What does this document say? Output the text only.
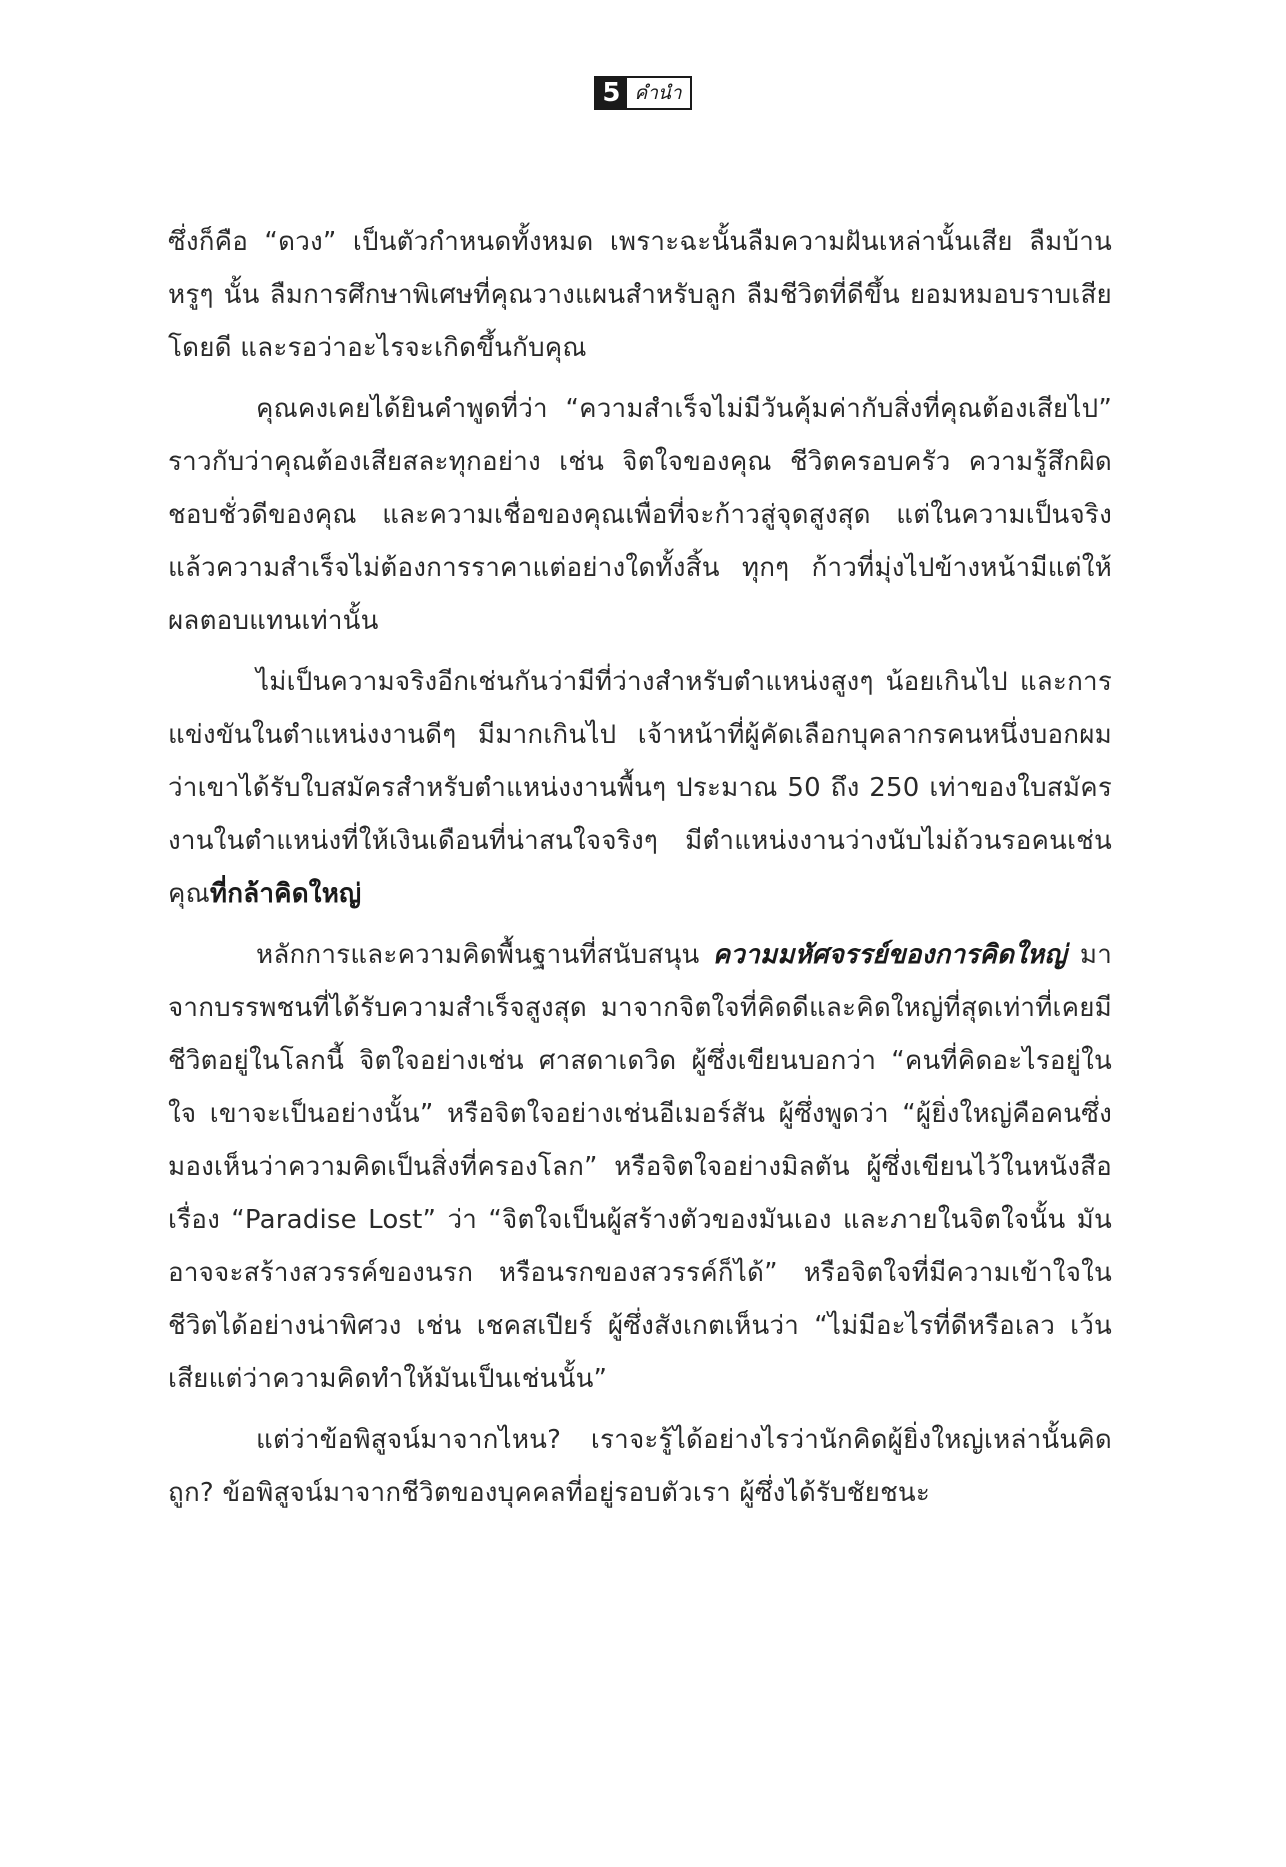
5 คำนำ

ซึ่งก็คือ “ดวง” เป็นตัวกำหนดทั้งหมด เพราะฉะนั้นลืมความฝันเหล่านั้นเสีย ลืมบ้านหรูๆ นั้น ลืมการศึกษาพิเศษที่คุณวางแผนสำหรับลูก ลืมชีวิตที่ดีขึ้น ยอมหมอบราบเสียโดยดี และรอว่าอะไรจะเกิดขึ้นกับคุณ

คุณคงเคยได้ยินคำพูดที่ว่า “ความสำเร็จไม่มีวันคุ้มค่ากับสิ่งที่คุณต้องเสียไป” ราวกับว่าคุณต้องเสียสละทุกอย่าง เช่น จิตใจของคุณ ชีวิตครอบครัว ความรู้สึกผิดชอบชั่วดีของคุณ และความเชื่อของคุณเพื่อที่จะก้าวสู่จุดสูงสุด แต่ในความเป็นจริงแล้วความสำเร็จไม่ต้องการราคาแต่อย่างใดทั้งสิ้น ทุกๆ ก้าวที่มุ่งไปข้างหน้ามีแต่ให้ผลตอบแทนเท่านั้น

ไม่เป็นความจริงอีกเช่นกันว่ามีที่ว่างสำหรับตำแหน่งสูงๆ น้อยเกินไป และการแข่งขันในตำแหน่งงานดีๆ มีมากเกินไป เจ้าหน้าที่ผู้คัดเลือกบุคลากรคนหนึ่งบอกผมว่าเขาได้รับใบสมัครสำหรับตำแหน่งงานพื้นๆ ประมาณ 50 ถึง 250 เท่าของใบสมัครงานในตำแหน่งที่ให้เงินเดือนที่น่าสนใจจริงๆ มีตำแหน่งงานว่างนับไม่ถ้วนรอคนเช่นคุณที่กล้าคิดใหญ่

หลักการและความคิดพื้นฐานที่สนับสนุน ความมหัศจรรย์ของการคิดใหญ่ มาจากบรรพชนที่ได้รับความสำเร็จสูงสุด มาจากจิตใจที่คิดดีและคิดใหญ่ที่สุดเท่าที่เคยมีชีวิตอยู่ในโลกนี้ จิตใจอย่างเช่น ศาสดาเดวิด ผู้ซึ่งเขียนบอกว่า “คนที่คิดอะไรอยู่ในใจ เขาจะเป็นอย่างนั้น” หรือจิตใจอย่างเช่นอีเมอร์สัน ผู้ซึ่งพูดว่า “ผู้ยิ่งใหญ่คือคนซึ่งมองเห็นว่าความคิดเป็นสิ่งที่ครองโลก” หรือจิตใจอย่างมิลตัน ผู้ซึ่งเขียนไว้ในหนังสือเรื่อง “Paradise Lost” ว่า “จิตใจเป็นผู้สร้างตัวของมันเอง และภายในจิตใจนั้น มันอาจจะสร้างสวรรค์ของนรก หรือนรกของสวรรค์ก็ได้” หรือจิตใจที่มีความเข้าใจในชีวิตได้อย่างน่าพิศวง เช่น เชคสเปียร์ ผู้ซึ่งสังเกตเห็นว่า “ไม่มีอะไรที่ดีหรือเลว เว้นเสียแต่ว่าความคิดทำให้มันเป็นเช่นนั้น”

แต่ว่าข้อพิสูจน์มาจากไหน? เราจะรู้ได้อย่างไรว่านักคิดผู้ยิ่งใหญ่เหล่านั้นคิดถูก? ข้อพิสูจน์มาจากชีวิตของบุคคลที่อยู่รอบตัวเรา ผู้ซึ่งได้รับชัยชนะ
